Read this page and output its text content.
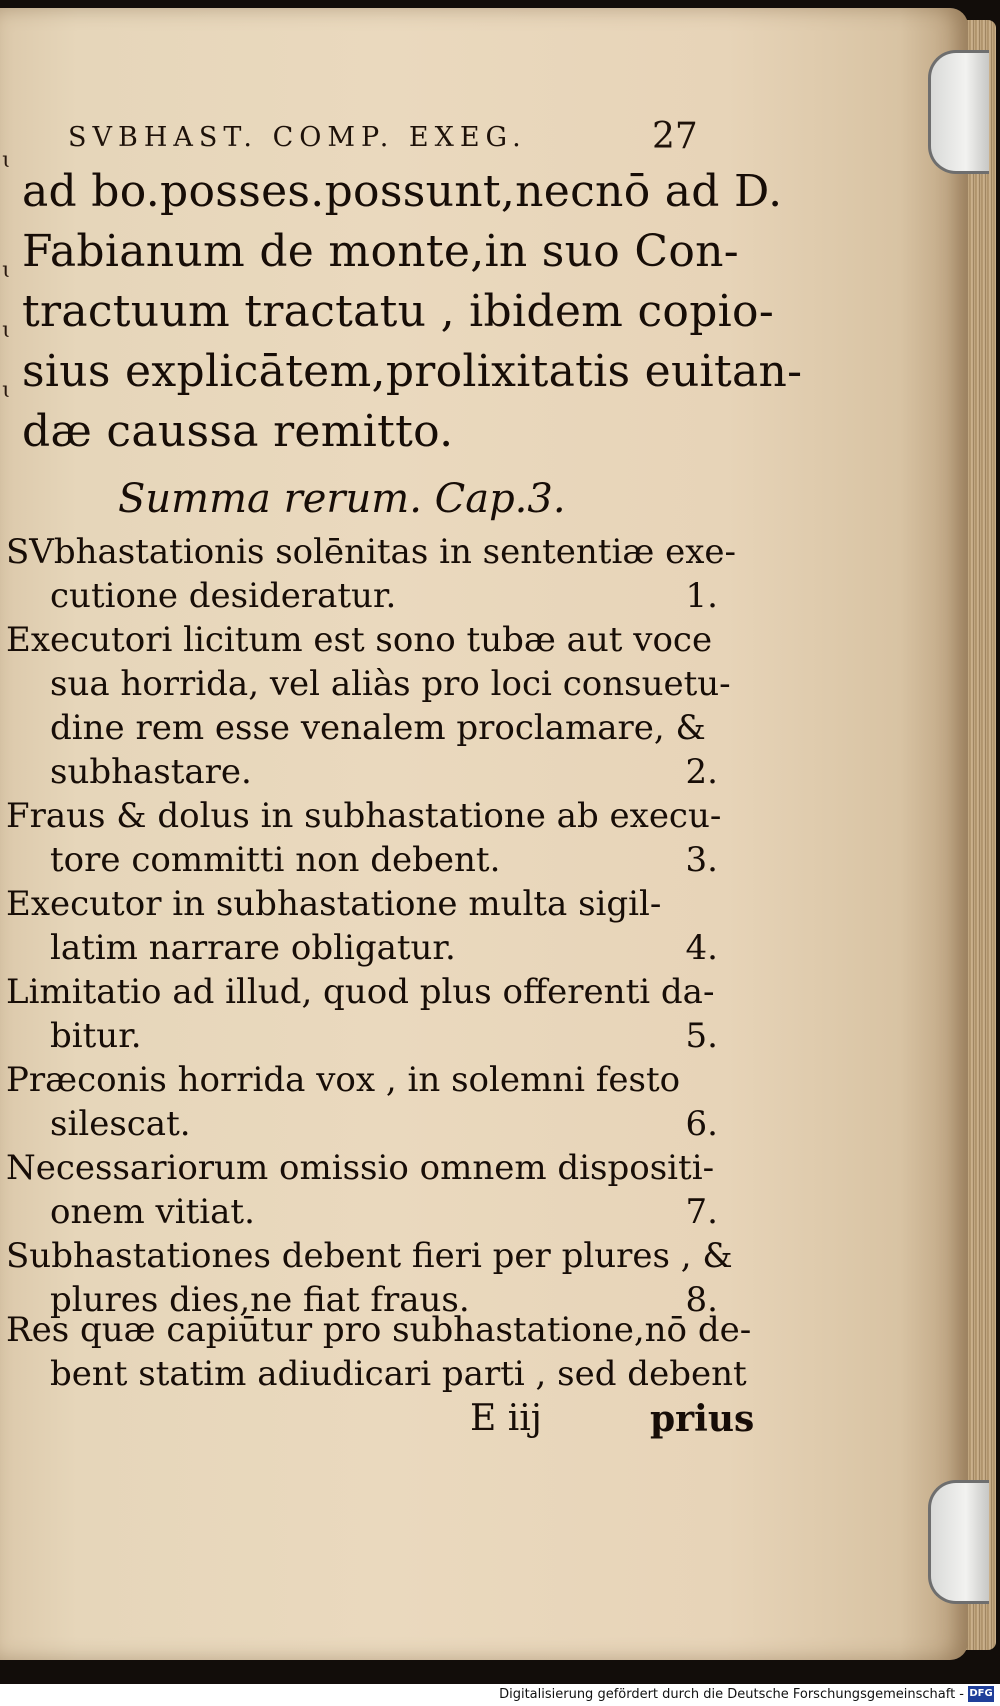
ɩ
ɩ
ɩ
ɩ
SVBHAST. COMP. EXEG.	27
ad bo.posses.possunt,necnō ad D.
Fabianum de monte,in suo Con-
tractuum tractatu , ibidem copio-
sius explicātem,prolixitatis euitan-
dæ caussa remitto.
Summa rerum. Cap.3.
SVbhastationis solēnitas in sententiæ exe-
cutione desideratur.	1.
Executori licitum est sono tubæ aut voce
sua horrida, vel aliàs pro loci consuetu-
dine rem esse venalem proclamare, &
subhastare.	2.
Fraus & dolus in subhastatione ab execu-
tore committi non debent.	3.
Executor in subhastatione multa sigil-
latim narrare obligatur.	4.
Limitatio ad illud, quod plus offerenti da-
bitur.	5.
Præconis horrida vox , in solemni festo
silescat.	6.
Necessariorum omissio omnem dispositi-
onem vitiat.	7.
Subhastationes debent fieri per plures , &
plures dies,ne fiat fraus.	8.
Res quæ capiūtur pro subhastatione,nō de-
bent statim adiudicari parti , sed debent
E iij	prius
Digitalisierung gefördert durch die Deutsche Forschungsgemeinschaft - DFG
